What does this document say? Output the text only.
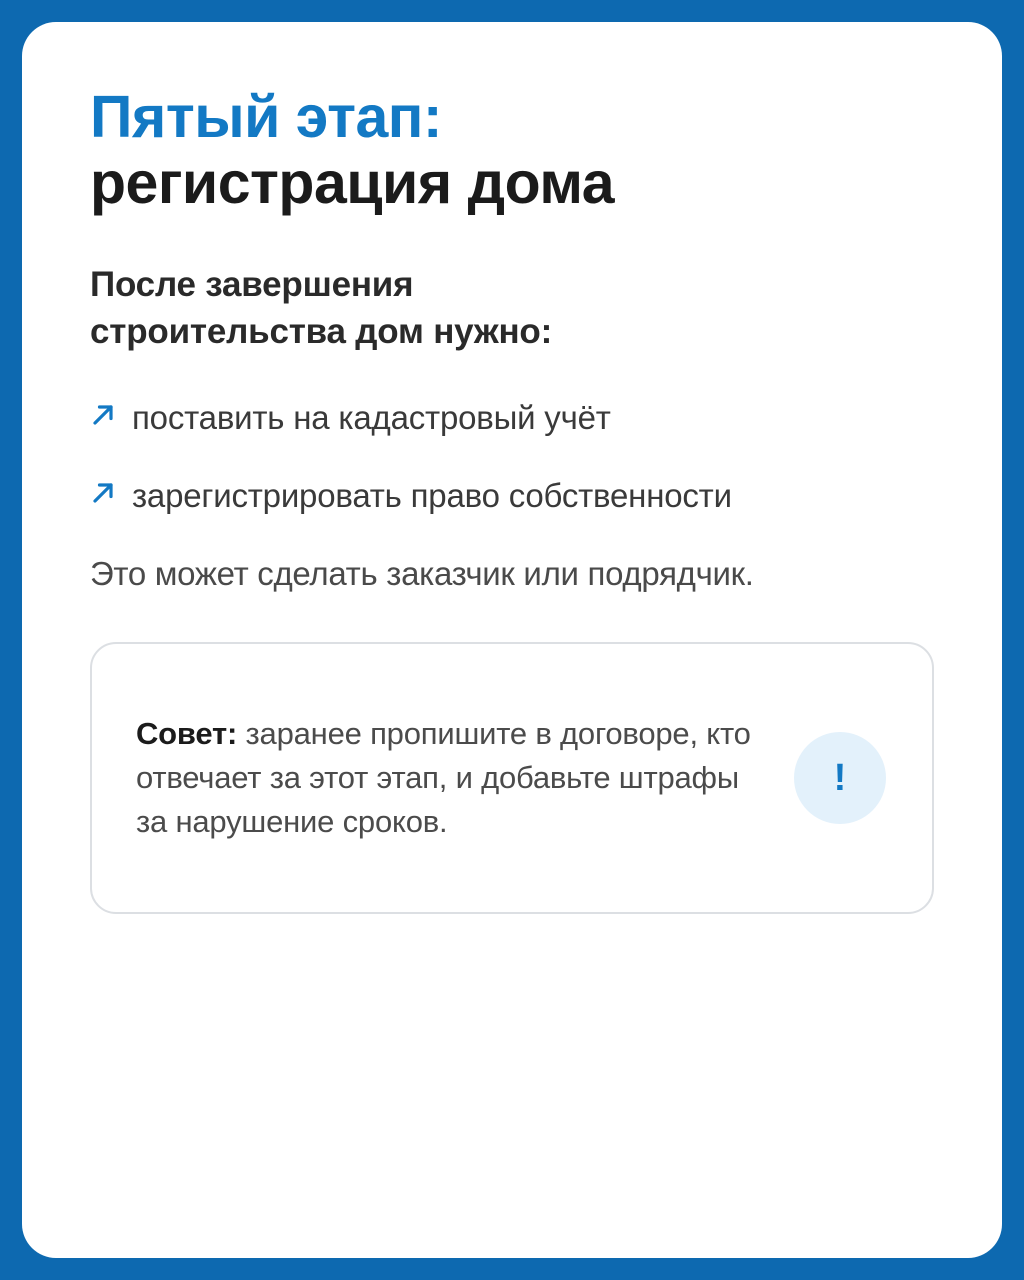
Пятый этап:
регистрация дома

После завершения
строительства дом нужно:

поставить на кадастровый учёт
зарегистрировать право собственности

Это может сделать заказчик или подрядчик.

Совет: заранее пропишите в договоре, кто отвечает за этот этап, и добавьте штрафы за нарушение сроков.

!
